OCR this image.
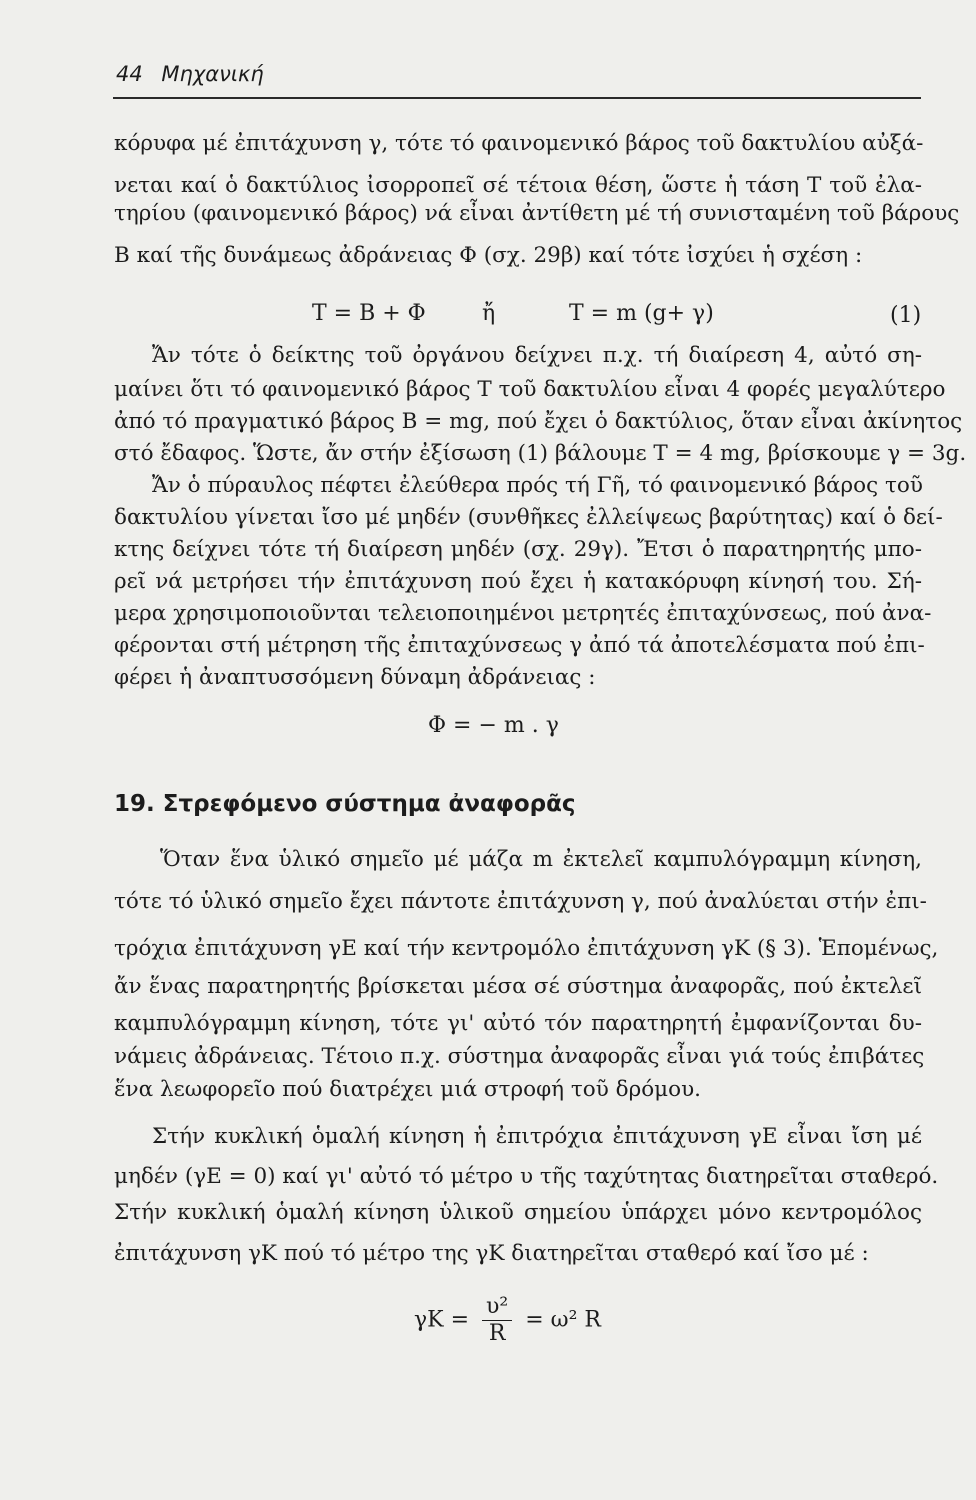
44 Μηχανική
κόρυφα μέ ἐπιτάχυνση γ, τότε τό φαινομενικό βάρος τοῦ δακτυλίου αὐξά-
νεται καί ὁ δακτύλιος ἰσορροπεῖ σέ τέτοια θέση, ὥστε ἡ τάση T τοῦ ἐλα-
τηρίου (φαινομενικό βάρος) νά εἶναι ἀντίθετη μέ τή συνισταμένη τοῦ βάρους
B καί τῆς δυνάμεως ἀδράνειας Φ (σχ. 29β) καί τότε ἰσχύει ἡ σχέση :
T = B + Φ	ἤ	T = m (g+ γ)	(1)
Ἄν τότε ὁ δείκτης τοῦ ὀργάνου δείχνει π.χ. τή διαίρεση 4, αὐτό ση-
μαίνει ὅτι τό φαινομενικό βάρος T τοῦ δακτυλίου εἶναι 4 φορές μεγαλύτερο
ἀπό τό πραγματικό βάρος B = mg, πού ἔχει ὁ δακτύλιος, ὅταν εἶναι ἀκίνητος
στό ἔδαφος. Ὥστε, ἄν στήν ἐξίσωση (1) βάλουμε T = 4 mg, βρίσκουμε γ = 3g.
Ἄν ὁ πύραυλος πέφτει ἐλεύθερα πρός τή Γῆ, τό φαινομενικό βάρος τοῦ
δακτυλίου γίνεται ἴσο μέ μηδέν (συνθῆκες ἐλλείψεως βαρύτητας) καί ὁ δεί-
κτης δείχνει τότε τή διαίρεση μηδέν (σχ. 29γ). Ἔτσι ὁ παρατηρητής μπο-
ρεῖ νά μετρήσει τήν ἐπιτάχυνση πού ἔχει ἡ κατακόρυφη κίνησή του. Σή-
μερα χρησιμοποιοῦνται τελειοποιημένοι μετρητές ἐπιταχύνσεως, πού ἀνα-
φέρονται στή μέτρηση τῆς ἐπιταχύνσεως γ ἀπό τά ἀποτελέσματα πού ἐπι-
φέρει ἡ ἀναπτυσσόμενη δύναμη ἀδράνειας :
Φ = − m . γ
19. Στρεφόμενο σύστημα ἀναφορᾶς
Ὅταν ἕνα ὑλικό σημεῖο μέ μάζα m ἐκτελεῖ καμπυλόγραμμη κίνηση,
τότε τό ὑλικό σημεῖο ἔχει πάντοτε ἐπιτάχυνση γ, πού ἀναλύεται στήν ἐπι-
τρόχια ἐπιτάχυνση γE καί τήν κεντρομόλο ἐπιτάχυνση γK (§ 3). Ἑπομένως,
ἄν ἕνας παρατηρητής βρίσκεται μέσα σέ σύστημα ἀναφορᾶς, πού ἐκτελεῖ
καμπυλόγραμμη κίνηση, τότε γι' αὐτό τόν παρατηρητή ἐμφανίζονται δυ-
νάμεις ἀδράνειας. Τέτοιο π.χ. σύστημα ἀναφορᾶς εἶναι γιά τούς ἐπιβάτες
ἕνα λεωφορεῖο πού διατρέχει μιά στροφή τοῦ δρόμου.
Στήν κυκλική ὁμαλή κίνηση ἡ ἐπιτρόχια ἐπιτάχυνση γE εἶναι ἴση μέ
μηδέν (γE = 0) καί γι' αὐτό τό μέτρο υ τῆς ταχύτητας διατηρεῖται σταθερό.
Στήν κυκλική ὁμαλή κίνηση ὑλικοῦ σημείου ὑπάρχει μόνο κεντρομόλος
ἐπιτάχυνση γK πού τό μέτρο της γK διατηρεῖται σταθερό καί ἴσο μέ :
$\gamma K = \frac{\text{υ²}}{R} = \omega^2$ R
